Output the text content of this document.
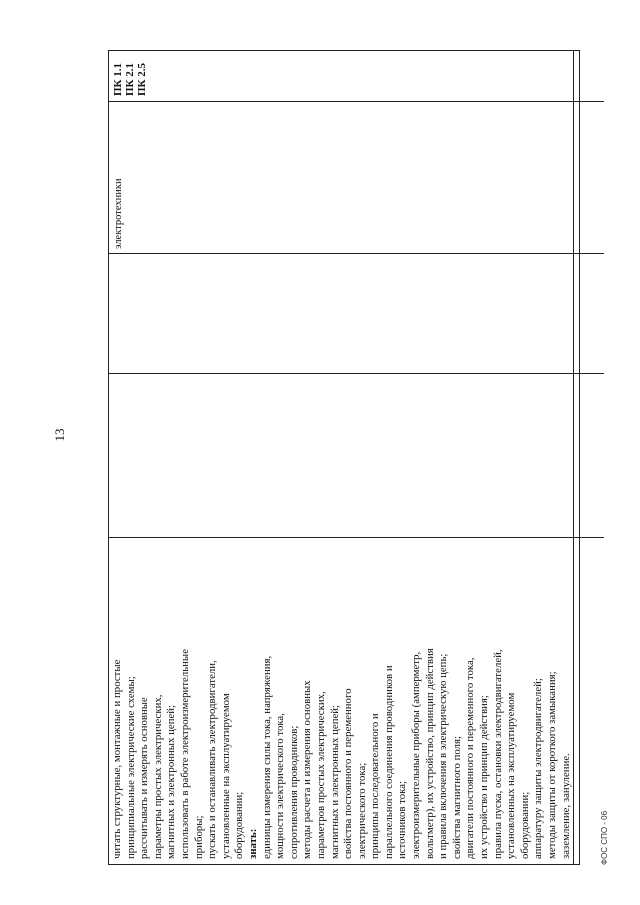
13
читать структурные, монтажные и простые принципиальные электрические схемы; рассчитывать и измерять основные параметры простых электрических, магнитных и электронных цепей; использовать в работе электроизмерительные приборы; пускать и останавливать электродвигатели, установленные на эксплуатируемом оборудовании; знать: единицы измерения силы тока, напряжения, мощности электрического тока, сопротивления проводников; методы расчета и измерения основных параметров простых электрических, магнитных и электронных цепей; свойства постоянного и переменного электрического тока; принципы последовательного и параллельного соединения проводников и источников тока; электроизмерительные приборы (амперметр, вольтметр), их устройство, принцип действия и правила включения в электрическую цепь; свойства магнитного поля; двигатели постоянного и переменного тока, их устройство и принцип действия; правила пуска, остановки электродвигателей, установленных на эксплуатируемом оборудовании; аппаратуру защиты электродвигателей; методы защиты от короткого замыкания; заземление, зануление.
электротехники
ПК 1.1 ПК 2.1 ПК 2.5
ФОС СПО - 06
